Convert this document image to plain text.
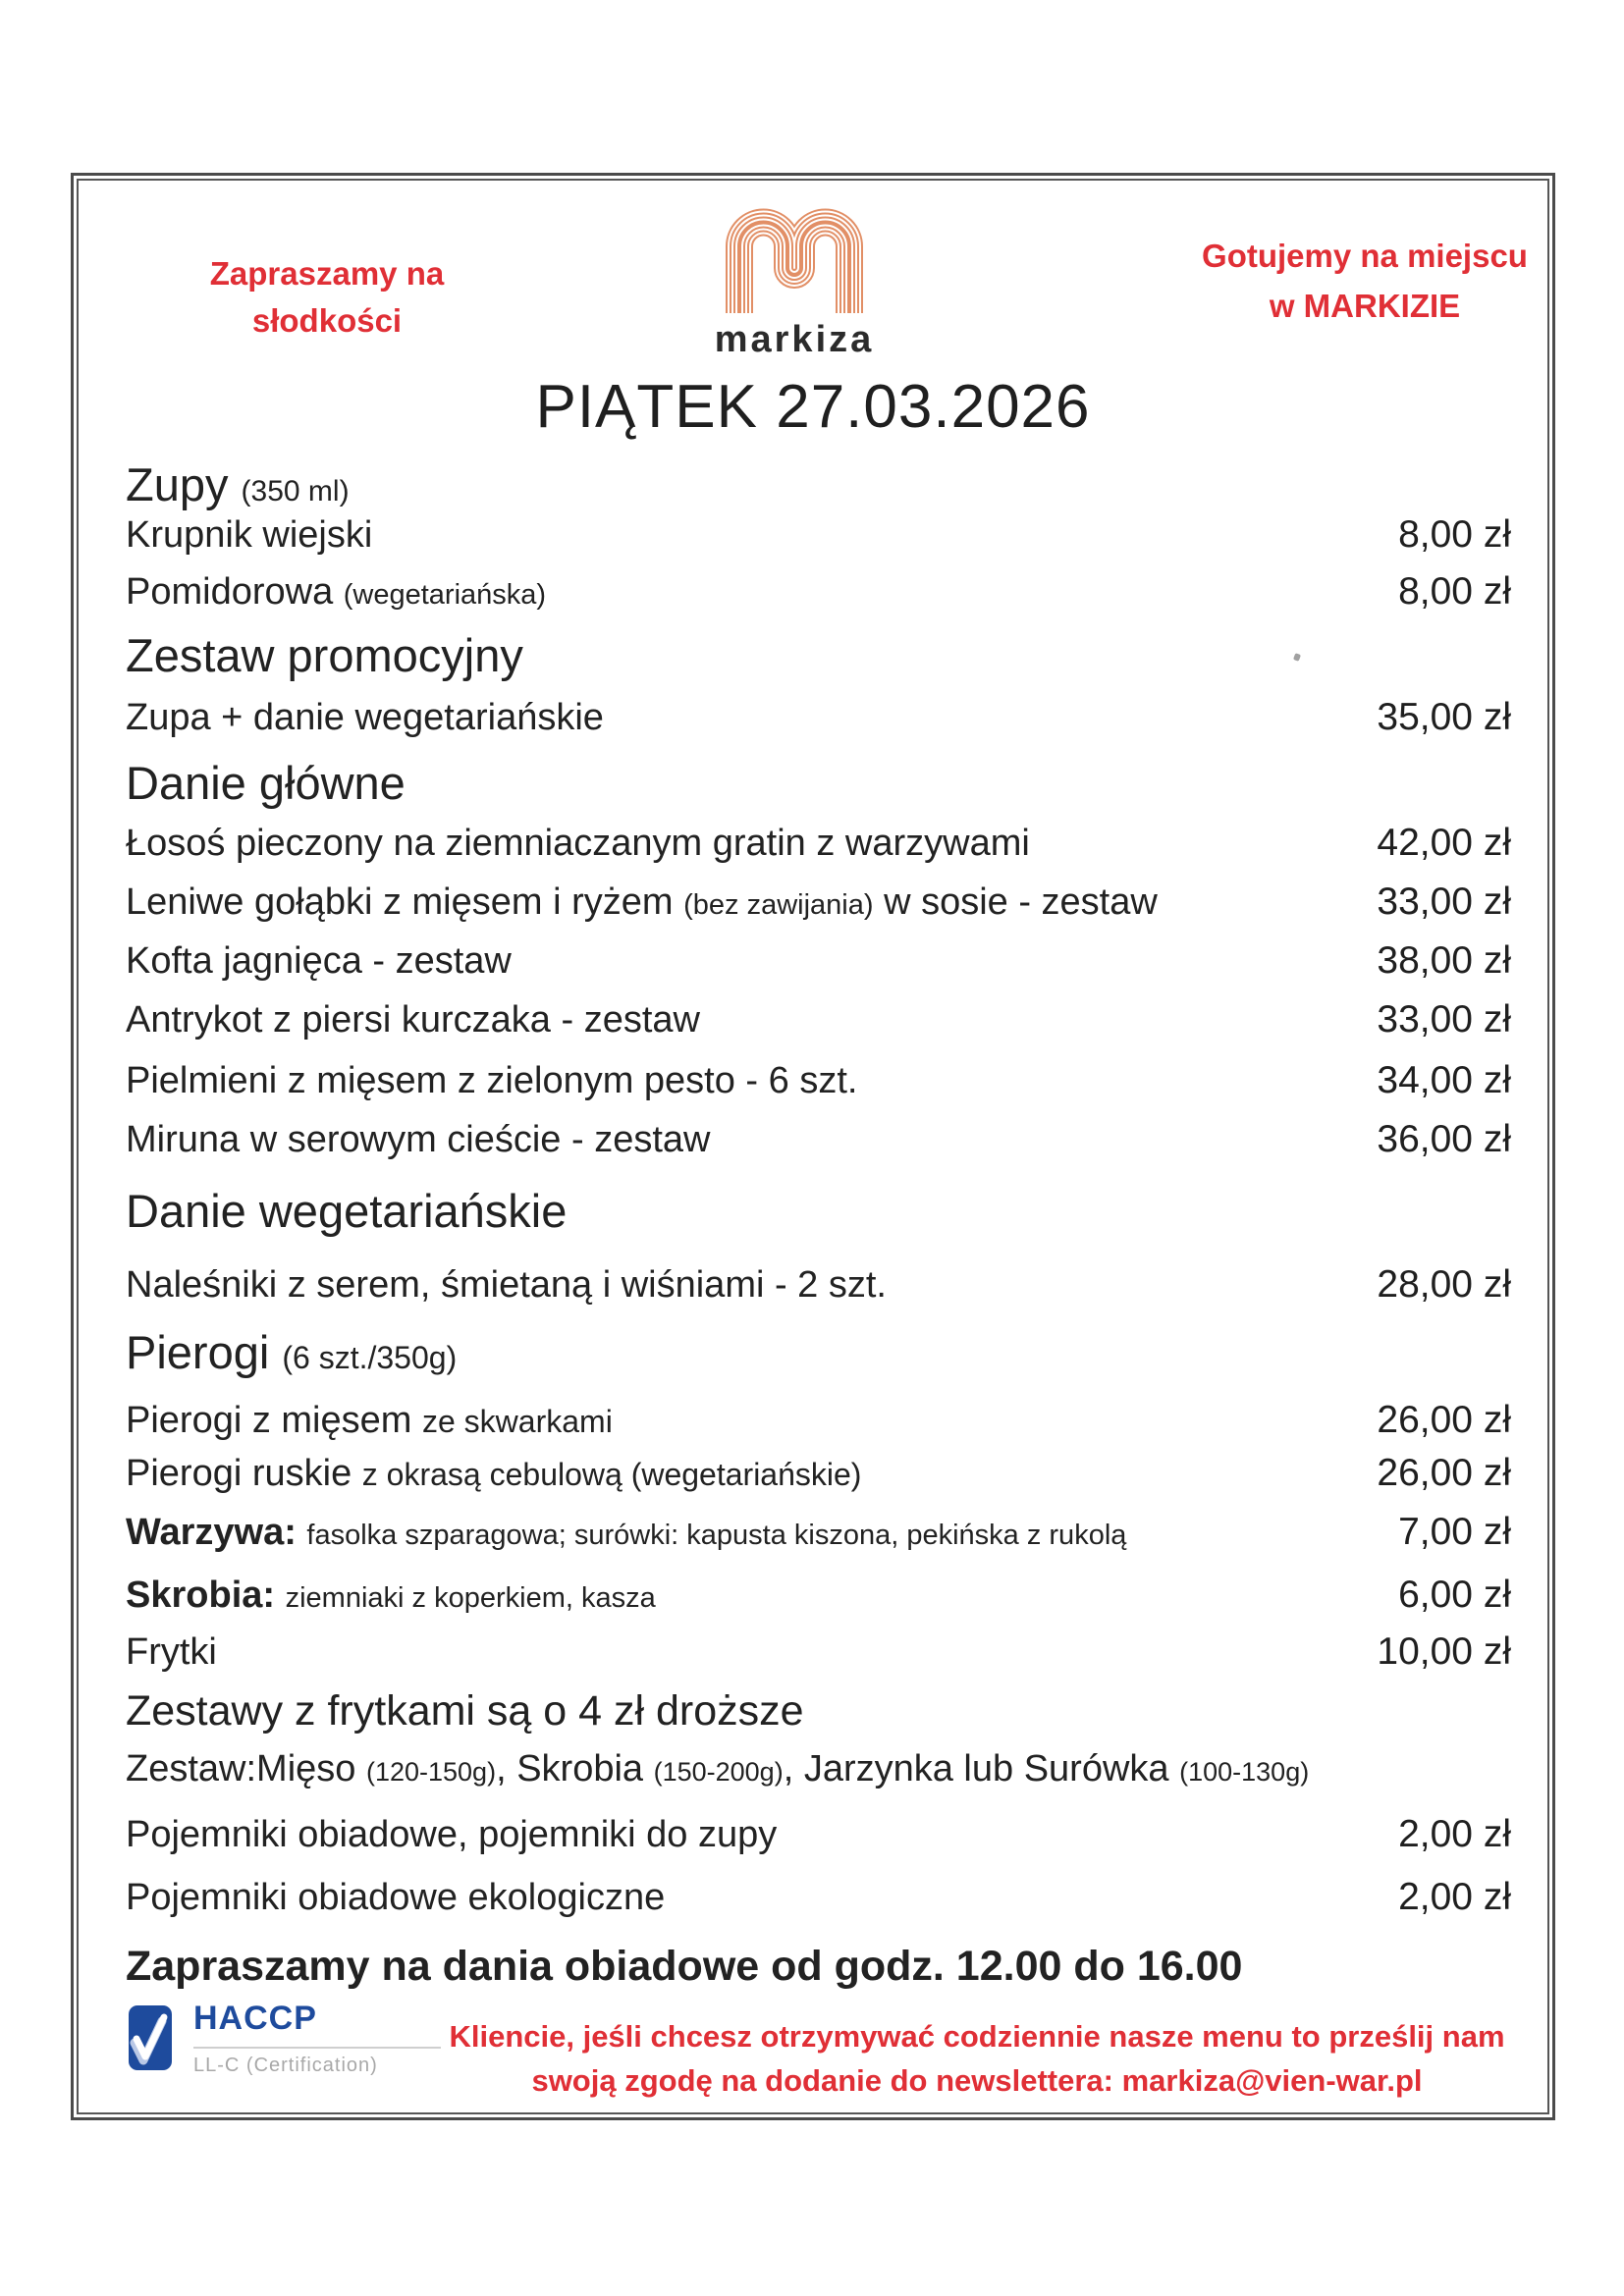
Zapraszamy na
słodkości
Gotujemy na miejscu
w MARKIZIE
markiza
PIĄTEK 27.03.2026
Zupy (350 ml)
Krupnik wiejski	8,00 zł
Pomidorowa (wegetariańska)	8,00 zł
Zestaw promocyjny
Zupa + danie wegetariańskie	35,00 zł
Danie główne
Łosoś pieczony na ziemniaczanym gratin z warzywami	42,00 zł
Leniwe gołąbki z mięsem i ryżem (bez zawijania) w sosie - zestaw	33,00 zł
Kofta jagnięca - zestaw	38,00 zł
Antrykot z piersi kurczaka - zestaw	33,00 zł
Pielmieni z mięsem z zielonym pesto - 6 szt.	34,00 zł
Miruna w serowym cieście - zestaw	36,00 zł
Danie wegetariańskie
Naleśniki z serem, śmietaną i wiśniami - 2 szt.	28,00 zł
Pierogi (6 szt./350g)
Pierogi z mięsem ze skwarkami	26,00 zł
Pierogi ruskie z okrasą cebulową (wegetariańskie)	26,00 zł
Warzywa: fasolka szparagowa; surówki: kapusta kiszona, pekińska z rukolą	7,00 zł
Skrobia: ziemniaki z koperkiem, kasza	6,00 zł
Frytki	10,00 zł
Zestawy z frytkami są o 4 zł droższe
Zestaw:Mięso (120-150g), Skrobia (150-200g), Jarzynka lub Surówka (100-130g)
Pojemniki obiadowe, pojemniki do zupy	2,00 zł
Pojemniki obiadowe ekologiczne	2,00 zł
Zapraszamy na dania obiadowe od godz. 12.00 do 16.00
HACCP
LL-C (Certification)
Kliencie, jeśli chcesz otrzymywać codziennie nasze menu to prześlij nam
swoją zgodę na dodanie do newslettera: markiza@vien-war.pl
